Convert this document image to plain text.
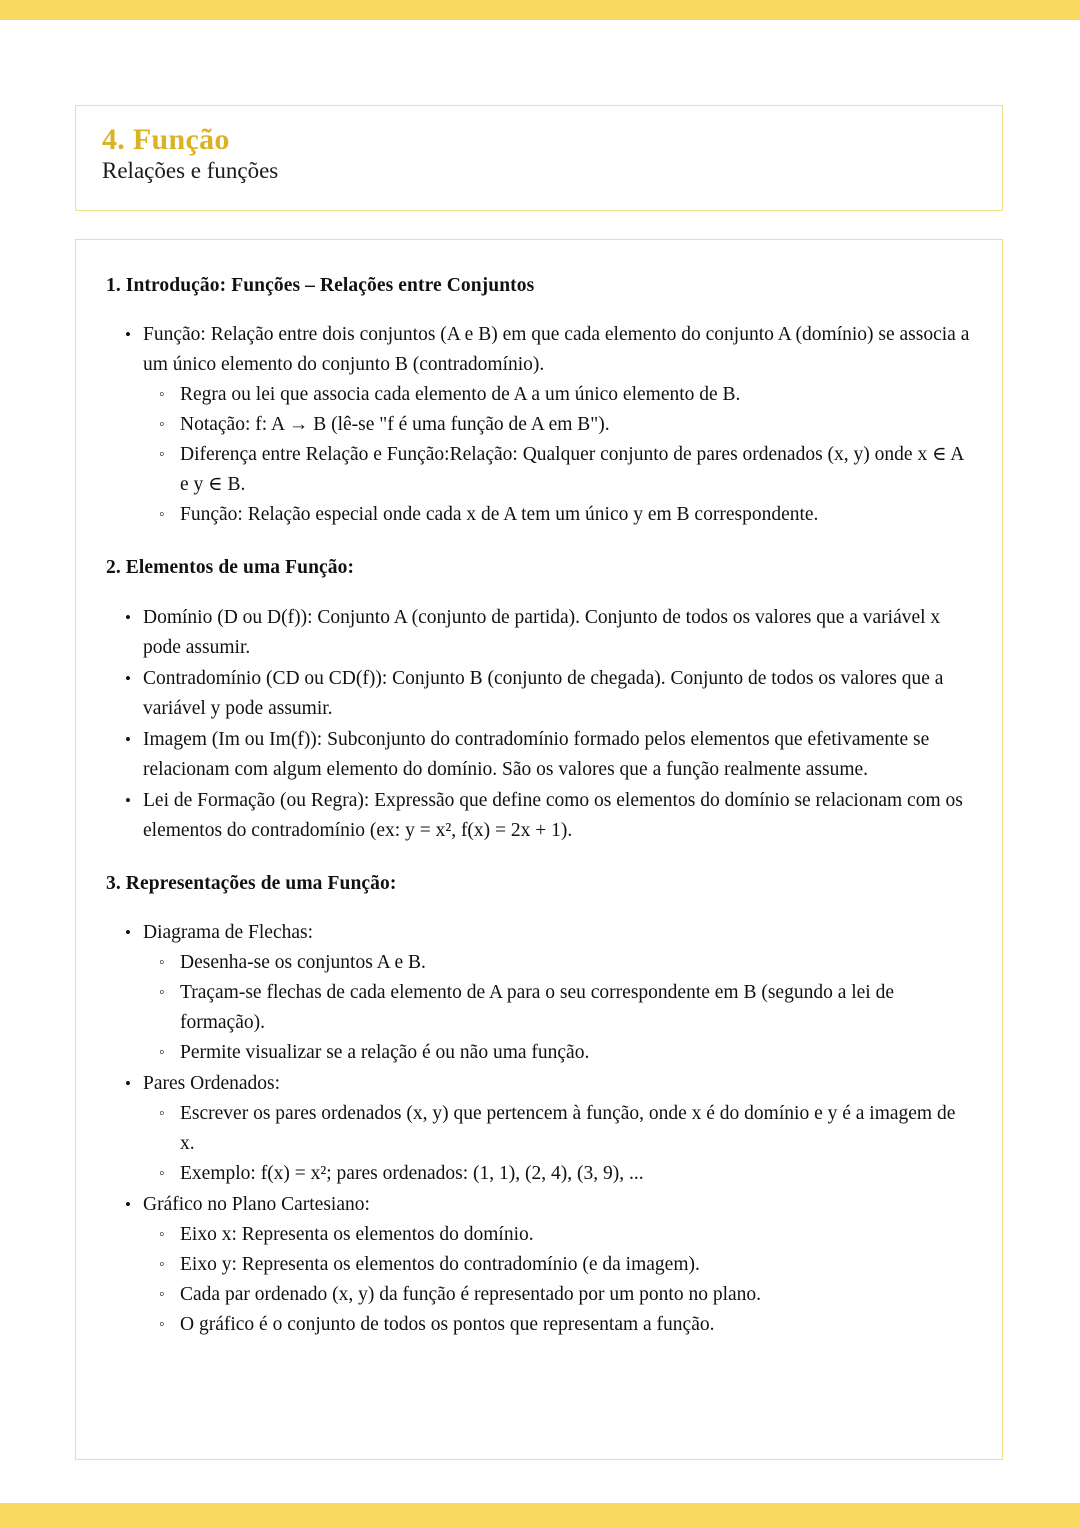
4. Função
Relações e funções
1. Introdução: Funções – Relações entre Conjuntos
• Função: Relação entre dois conjuntos (A e B) em que cada elemento do conjunto A (domínio) se associa a um único elemento do conjunto B (contradomínio).
◦ Regra ou lei que associa cada elemento de A a um único elemento de B.
◦ Notação: f: A → B (lê-se "f é uma função de A em B").
◦ Diferença entre Relação e Função:Relação: Qualquer conjunto de pares ordenados (x, y) onde x ∈ A e y ∈ B.
◦ Função: Relação especial onde cada x de A tem um único y em B correspondente.
2. Elementos de uma Função:
• Domínio (D ou D(f)): Conjunto A (conjunto de partida). Conjunto de todos os valores que a variável x pode assumir.
• Contradomínio (CD ou CD(f)): Conjunto B (conjunto de chegada). Conjunto de todos os valores que a variável y pode assumir.
• Imagem (Im ou Im(f)): Subconjunto do contradomínio formado pelos elementos que efetivamente se relacionam com algum elemento do domínio. São os valores que a função realmente assume.
• Lei de Formação (ou Regra): Expressão que define como os elementos do domínio se relacionam com os elementos do contradomínio (ex: y = x², f(x) = 2x + 1).
3. Representações de uma Função:
• Diagrama de Flechas:
◦ Desenha-se os conjuntos A e B.
◦ Traçam-se flechas de cada elemento de A para o seu correspondente em B (segundo a lei de formação).
◦ Permite visualizar se a relação é ou não uma função.
• Pares Ordenados:
◦ Escrever os pares ordenados (x, y) que pertencem à função, onde x é do domínio e y é a imagem de x.
◦ Exemplo: f(x) = x²; pares ordenados: (1, 1), (2, 4), (3, 9), ...
• Gráfico no Plano Cartesiano:
◦ Eixo x: Representa os elementos do domínio.
◦ Eixo y: Representa os elementos do contradomínio (e da imagem).
◦ Cada par ordenado (x, y) da função é representado por um ponto no plano.
◦ O gráfico é o conjunto de todos os pontos que representam a função.
